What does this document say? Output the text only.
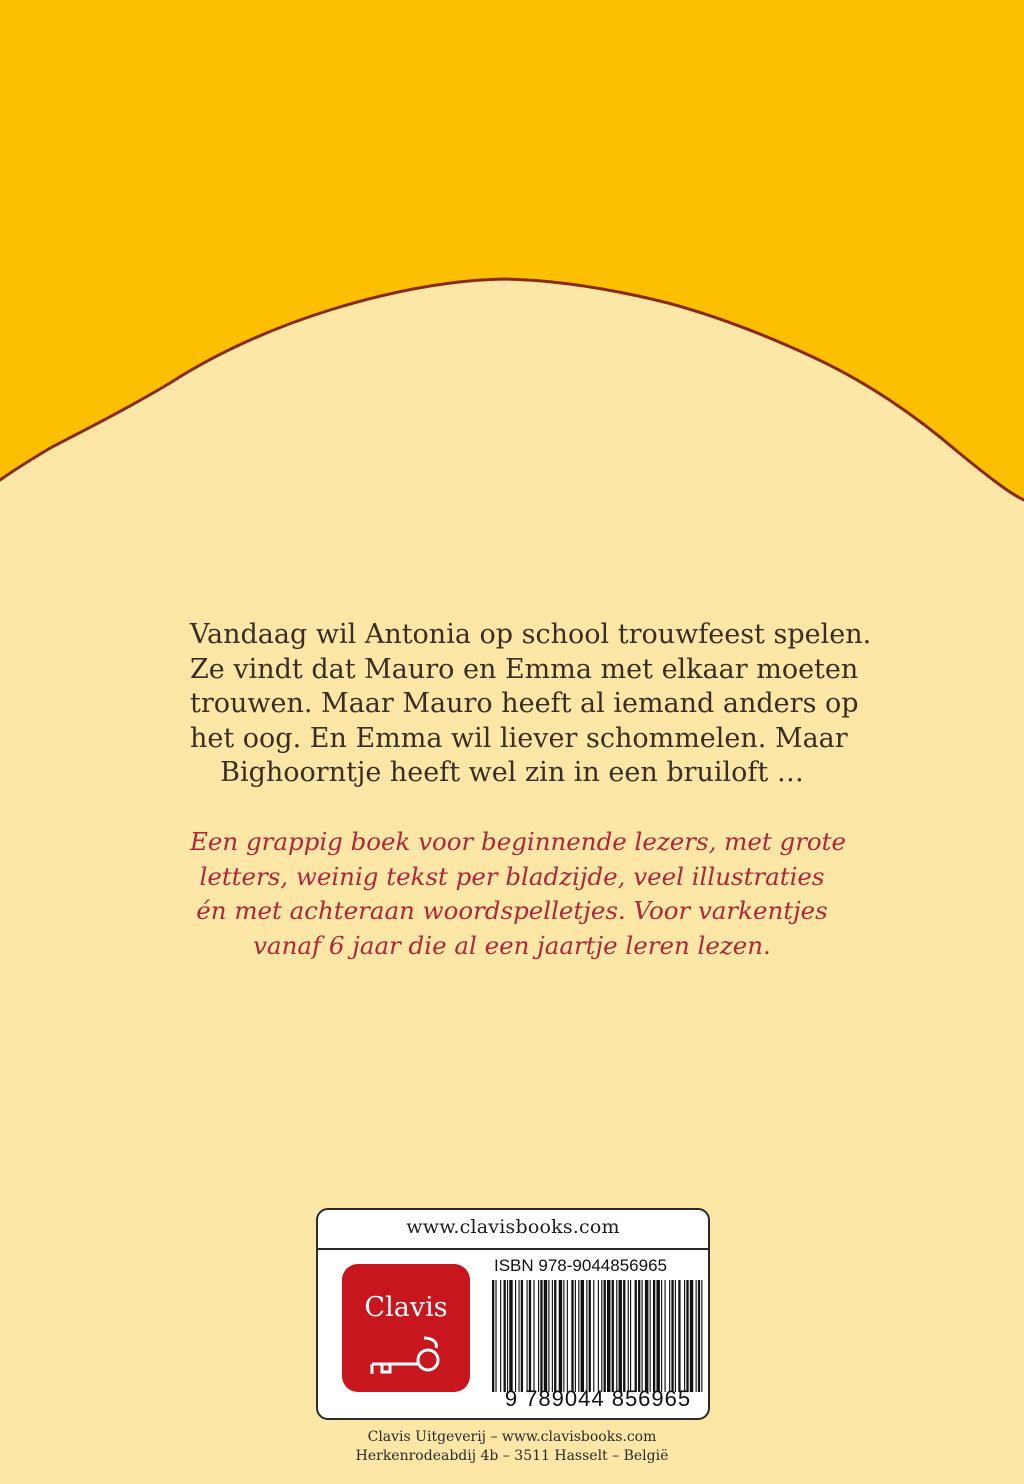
Vandaag wil Antonia op school trouwfeest spelen.
Ze vindt dat Mauro en Emma met elkaar moeten
trouwen. Maar Mauro heeft al iemand anders op
het oog. En Emma wil liever schommelen. Maar
Bighoorntje heeft wel zin in een bruiloft …

Een grappig boek voor beginnende lezers, met grote
letters, weinig tekst per bladzijde, veel illustraties
én met achteraan woordspelletjes. Voor varkentjes
vanaf 6 jaar die al een jaartje leren lezen.

www.clavisbooks.com
Clavis
ISBN 978-9044856965
9 789044 856965
Clavis Uitgeverij – www.clavisbooks.com
Herkenrodeabdij 4b – 3511 Hasselt – België
